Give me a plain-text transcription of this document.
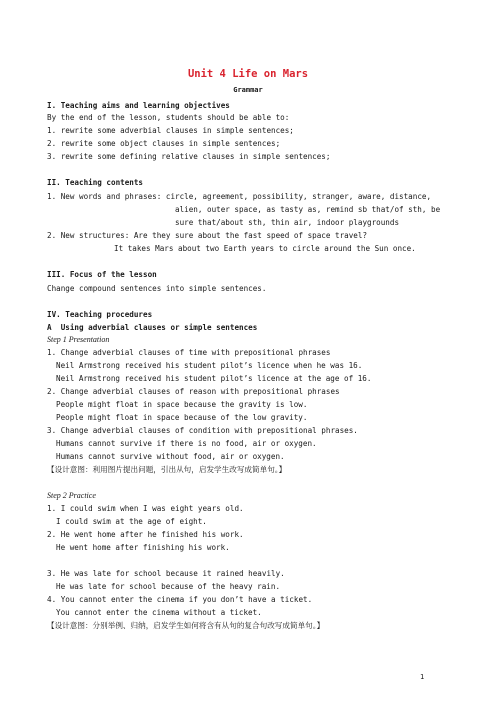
Unit 4 Life on Mars
Grammar
I. Teaching aims and learning objectives
By the end of the lesson, students should be able to:
1. rewrite some adverbial clauses in simple sentences;
2. rewrite some object clauses in simple sentences;
3. rewrite some defining relative clauses in simple sentences;
II. Teaching contents
1. New words and phrases: circle, agreement, possibility, stranger, aware, distance,
alien, outer space, as tasty as, remind sb that/of sth, be
sure that/about sth, thin air, indoor playgrounds
2. New structures: Are they sure about the fast speed of space travel?
It takes Mars about two Earth years to circle around the Sun once.
III. Focus of the lesson
Change compound sentences into simple sentences.
IV. Teaching procedures
A  Using adverbial clauses or simple sentences
Step 1 Presentation
1. Change adverbial clauses of time with prepositional phrases
Neil Armstrong received his student pilot’s licence when he was 16.
Neil Armstrong received his student pilot’s licence at the age of 16.
2. Change adverbial clauses of reason with prepositional phrases
People might float in space because the gravity is low.
People might float in space because of the low gravity.
3. Change adverbial clauses of condition with prepositional phrases.
Humans cannot survive if there is no food, air or oxygen.
Humans cannot survive without food, air or oxygen.
【设计意图：利用图片提出问题，引出从句，启发学生改写成简单句。】
Step 2 Practice
1. I could swim when I was eight years old.
I could swim at the age of eight.
2. He went home after he finished his work.
He went home after finishing his work.
3. He was late for school because it rained heavily.
He was late for school because of the heavy rain.
4. You cannot enter the cinema if you don’t have a ticket.
You cannot enter the cinema without a ticket.
【设计意图：分别举例、归纳，启发学生如何将含有从句的复合句改写成简单句。】
1
